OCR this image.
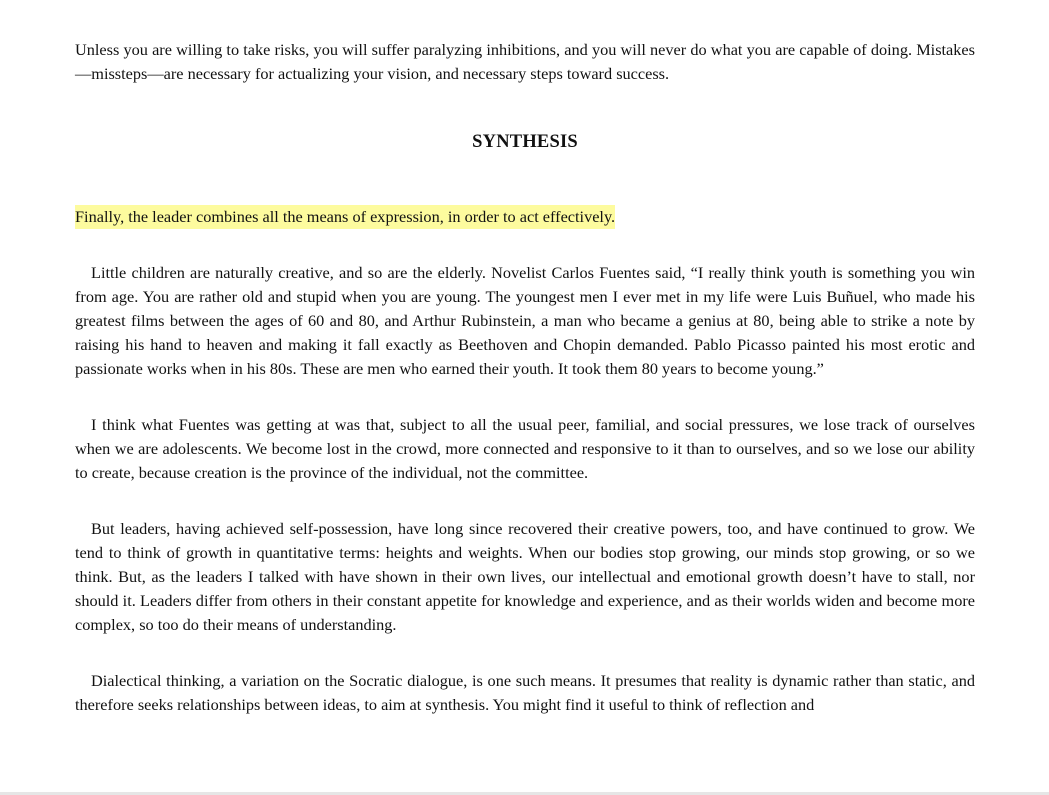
Unless you are willing to take risks, you will suffer paralyzing inhibitions, and you will never do what you are capable of doing. Mistakes—missteps—are necessary for actualizing your vision, and necessary steps toward success.

SYNTHESIS
Finally, the leader combines all the means of expression, in order to act effectively.

Little children are naturally creative, and so are the elderly. Novelist Carlos Fuentes said, “I really think youth is something you win from age. You are rather old and stupid when you are young. The youngest men I ever met in my life were Luis Buñuel, who made his greatest films between the ages of 60 and 80, and Arthur Rubinstein, a man who became a genius at 80, being able to strike a note by raising his hand to heaven and making it fall exactly as Beethoven and Chopin demanded. Pablo Picasso painted his most erotic and passionate works when in his 80s. These are men who earned their youth. It took them 80 years to become young.”

I think what Fuentes was getting at was that, subject to all the usual peer, familial, and social pressures, we lose track of ourselves when we are adolescents. We become lost in the crowd, more connected and responsive to it than to ourselves, and so we lose our ability to create, because creation is the province of the individual, not the committee.

But leaders, having achieved self-possession, have long since recovered their creative powers, too, and have continued to grow. We tend to think of growth in quantitative terms: heights and weights. When our bodies stop growing, our minds stop growing, or so we think. But, as the leaders I talked with have shown in their own lives, our intellectual and emotional growth doesn’t have to stall, nor should it. Leaders differ from others in their constant appetite for knowledge and experience, and as their worlds widen and become more complex, so too do their means of understanding.

Dialectical thinking, a variation on the Socratic dialogue, is one such means. It presumes that reality is dynamic rather than static, and therefore seeks relationships between ideas, to aim at synthesis. You might find it useful to think of reflection and
